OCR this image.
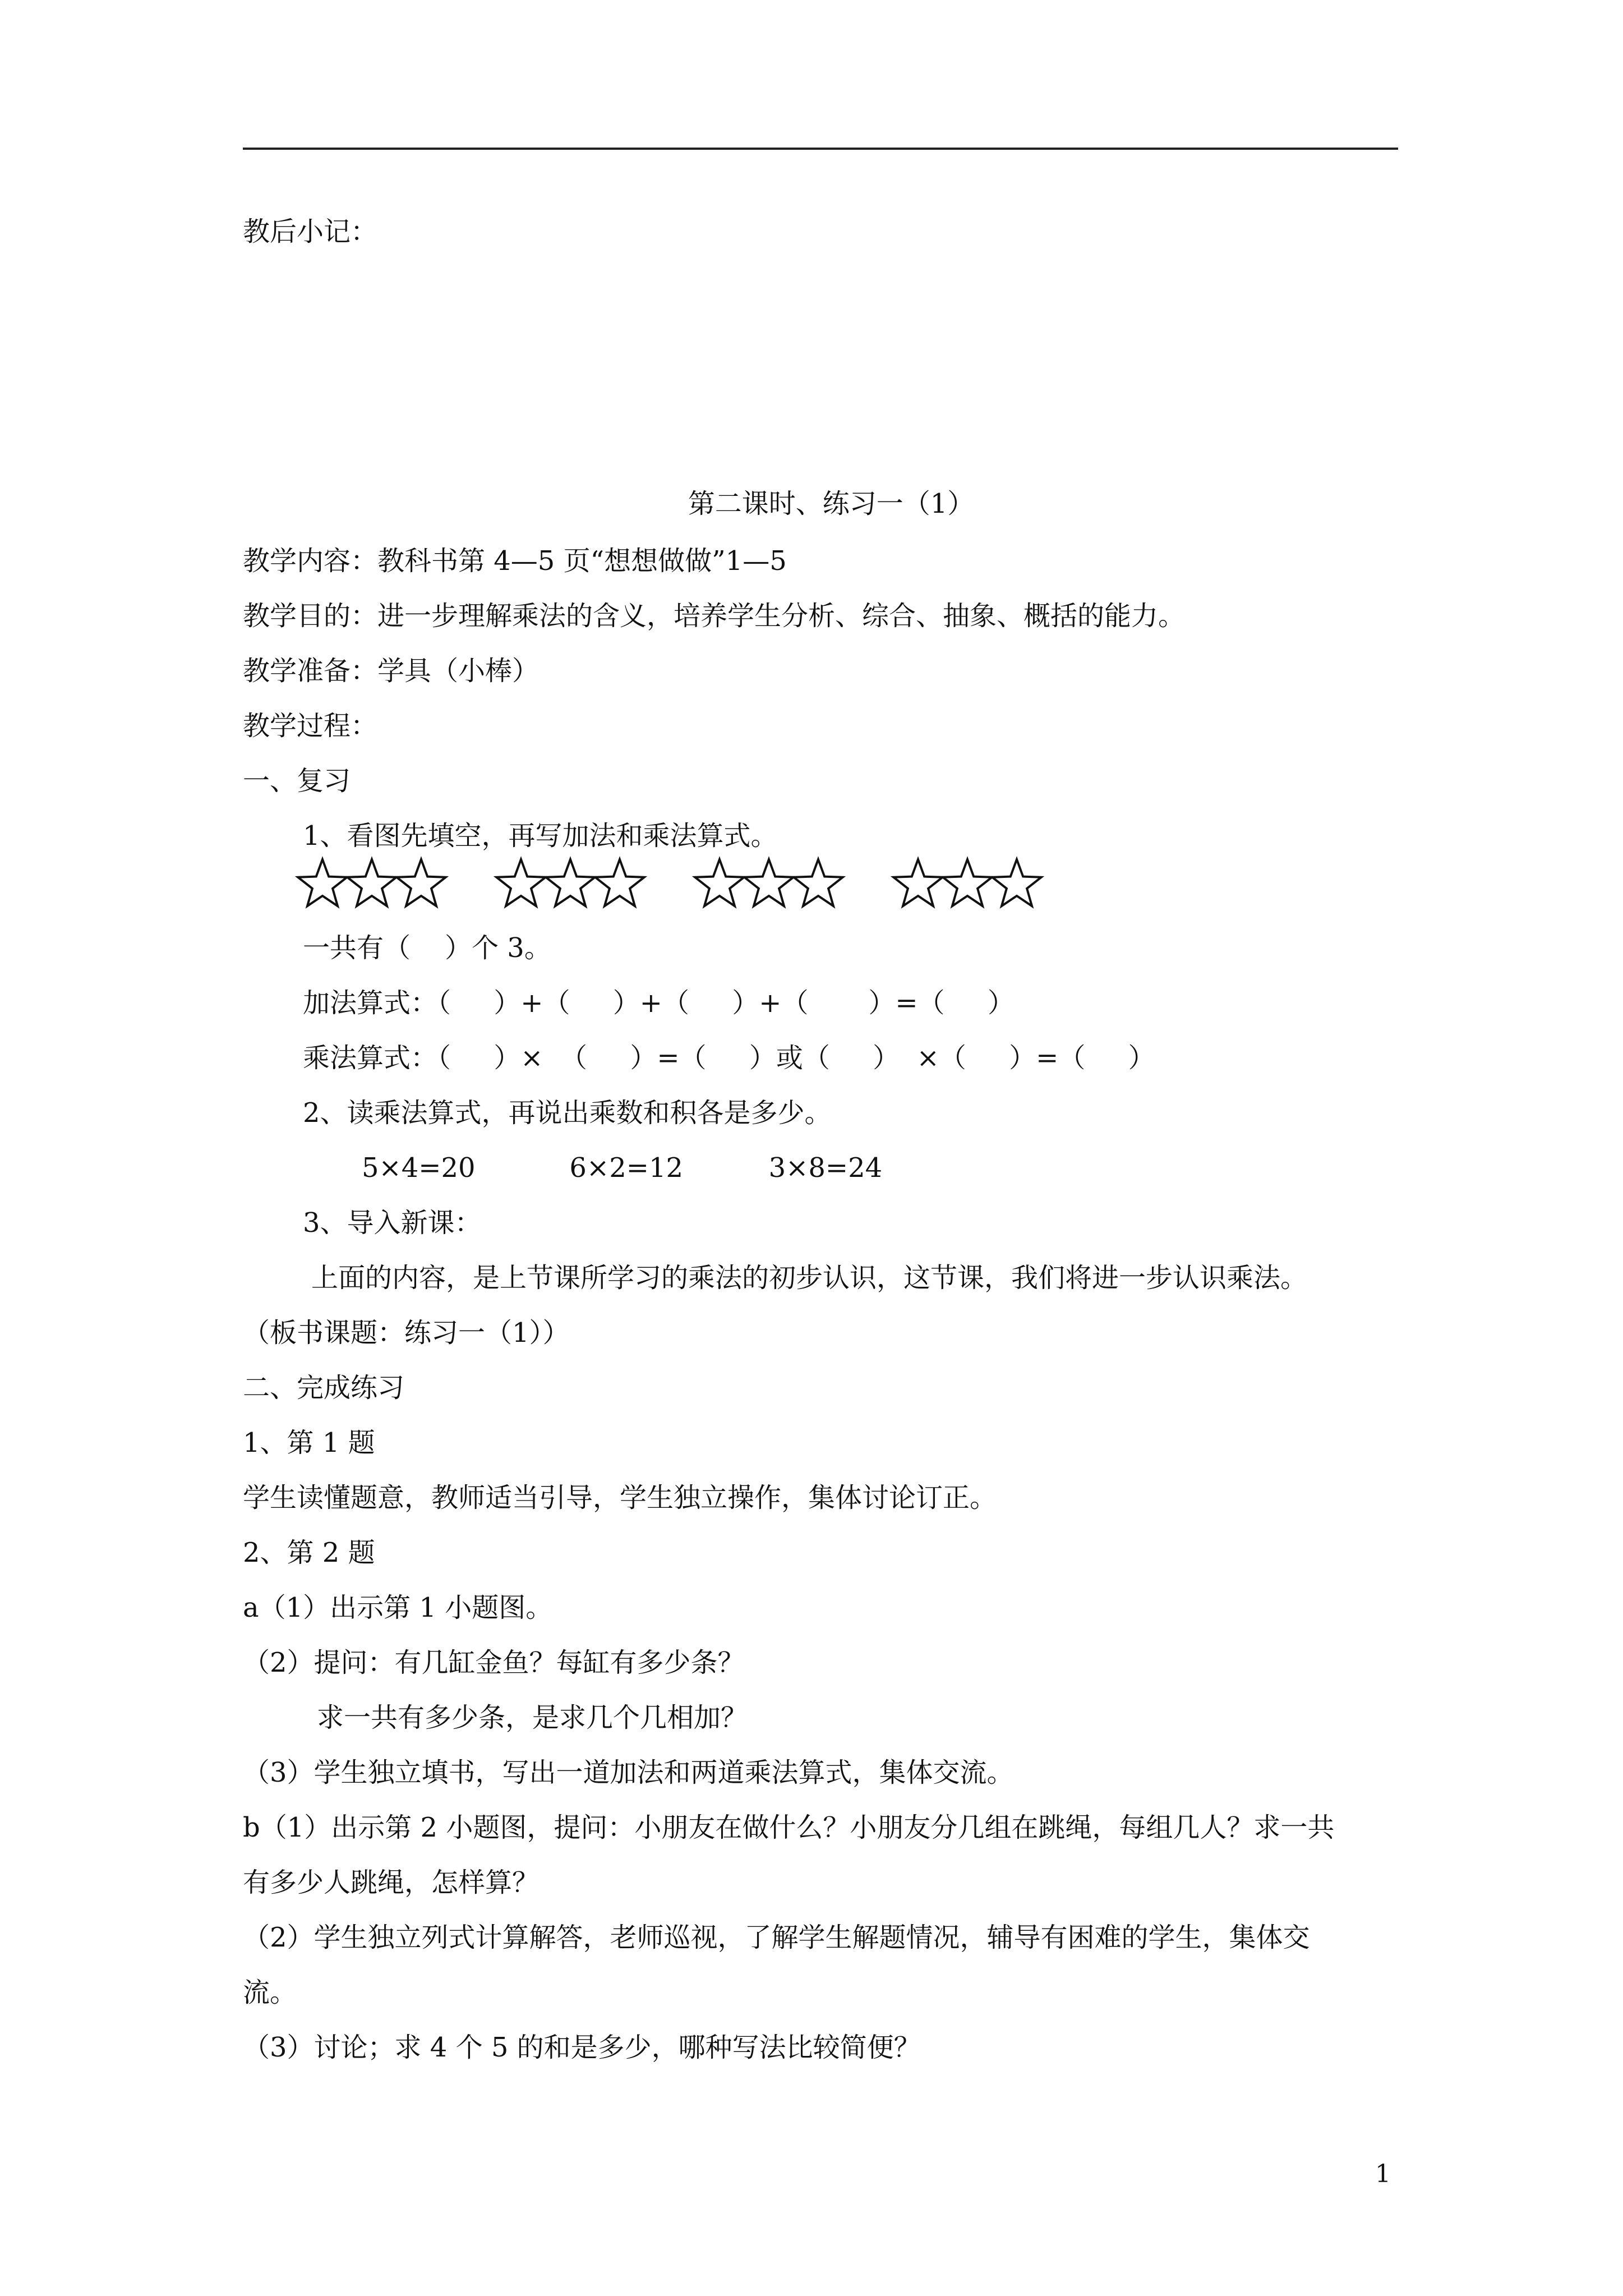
教后小记：
第二课时、练习一（1）
教学内容：教科书第 4—5 页“想想做做”1—5
教学目的：进一步理解乘法的含义，培养学生分析、综合、抽象、概括的能力。
教学准备：学具（小棒）
教学过程：
一、复习
1、看图先填空，再写加法和乘法算式。
一共有（    ）个 3。
加法算式：（     ）+（     ）+（     ）+（       ）=（     ）
乘法算式：（     ）×  （     ）=（     ）或（     ）  ×（     ）=（     ）
2、读乘法算式，再说出乘数和积各是多少。
5×4=20           6×2=12          3×8=24
3、导入新课：
上面的内容，是上节课所学习的乘法的初步认识，这节课，我们将进一步认识乘法。
（板书课题：练习一（1））
二、完成练习
1、第 1 题
学生读懂题意，教师适当引导，学生独立操作，集体讨论订正。
2、第 2 题
a（1）出示第 1 小题图。
（2）提问：有几缸金鱼？每缸有多少条？
求一共有多少条，是求几个几相加？
（3）学生独立填书，写出一道加法和两道乘法算式，集体交流。
b（1）出示第 2 小题图，提问：小朋友在做什么？小朋友分几组在跳绳，每组几人？求一共
有多少人跳绳，怎样算？
（2）学生独立列式计算解答，老师巡视，了解学生解题情况，辅导有困难的学生，集体交
流。
（3）讨论；求 4 个 5 的和是多少，哪种写法比较简便？
1
